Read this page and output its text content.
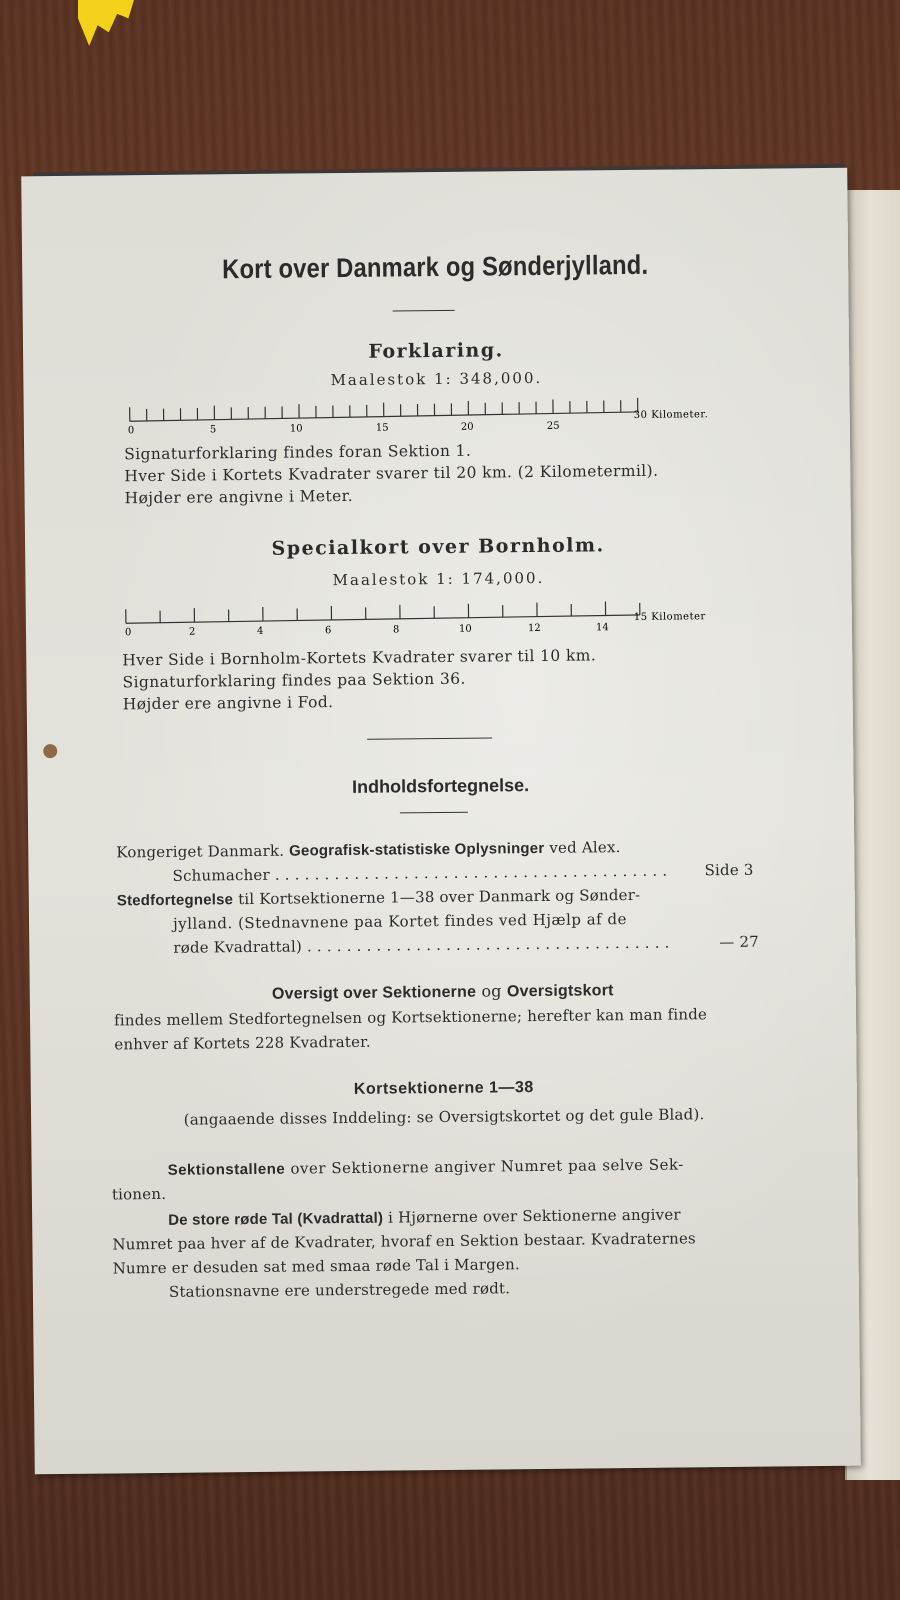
Kort over Danmark og Sønderjylland.
Forklaring.
Maalestok 1: 348,000.
0	5	10	15	20	25
30 Kilometer.
Signaturforklaring findes foran Sektion 1.
Hver Side i Kortets Kvadrater svarer til 20 km. (2 Kilometermil).
Højder ere angivne i Meter.
Specialkort over Bornholm.
Maalestok 1: 174,000.
0	2	4	6	8	10	12	14
15 Kilometer
Hver Side i Bornholm-Kortets Kvadrater svarer til 10 km.
Signaturforklaring findes paa Sektion 36.
Højder ere angivne i Fod.
Indholdsfortegnelse.
Kongeriget Danmark. Geografisk-statistiske Oplysninger ved Alex.
Schumacher . . . . . . . . . . . . . . . . . . . . . . . . . . . . . . . . . . . . . . . . Side 3
Stedfortegnelse til Kortsektionerne 1—38 over Danmark og Sønder-
jylland. (Stednavnene paa Kortet findes ved Hjælp af de
røde Kvadrattal) . . . . . . . . . . . . . . . . . . . . . . . . . . . . . . . . . . . . .	— 27
Oversigt over Sektionerne og Oversigtskort
findes mellem Stedfortegnelsen og Kortsektionerne; herefter kan man finde
enhver af Kortets 228 Kvadrater.
Kortsektionerne 1—38
(angaaende disses Inddeling: se Oversigtskortet og det gule Blad).
Sektionstallene over Sektionerne angiver Numret paa selve Sek-
tionen.
De store røde Tal (Kvadrattal) i Hjørnerne over Sektionerne angiver
Numret paa hver af de Kvadrater, hvoraf en Sektion bestaar. Kvadraternes
Numre er desuden sat med smaa røde Tal i Margen.
Stationsnavne ere understregede med rødt.
